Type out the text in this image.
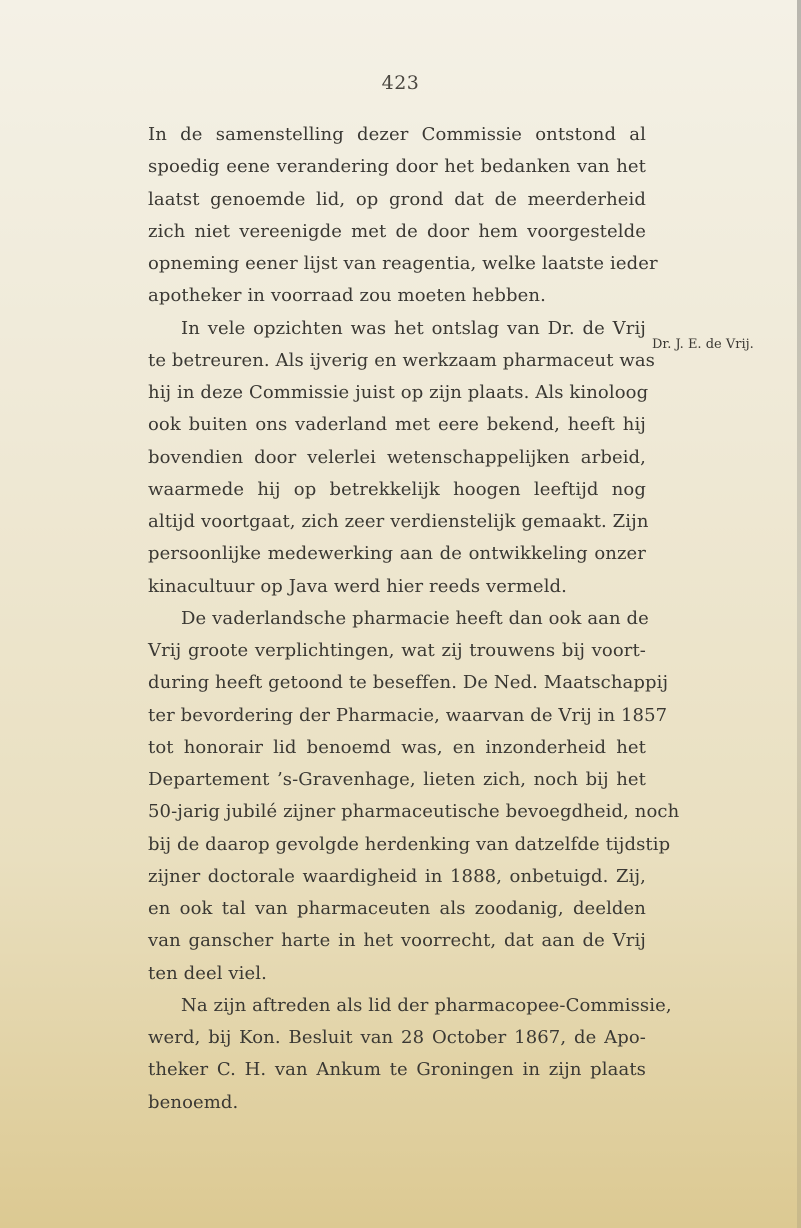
423
In de samenstelling dezer Commissie ontstond al
spoedig eene verandering door het bedanken van het
laatst genoemde lid, op grond dat de meerderheid
zich niet vereenigde met de door hem voorgestelde
opneming eener lijst van reagentia, welke laatste ieder
apotheker in voorraad zou moeten hebben.
In vele opzichten was het ontslag van Dr. de Vrij
te betreuren. Als ijverig en werkzaam pharmaceut was
hij in deze Commissie juist op zijn plaats. Als kinoloog
ook buiten ons vaderland met eere bekend, heeft hij
bovendien door velerlei wetenschappelijken arbeid,
waarmede hij op betrekkelijk hoogen leeftijd nog
altijd voortgaat, zich zeer verdienstelijk gemaakt. Zijn
persoonlijke medewerking aan de ontwikkeling onzer
kinacultuur op Java werd hier reeds vermeld.
De vaderlandsche pharmacie heeft dan ook aan de
Vrij groote verplichtingen, wat zij trouwens bij voort-
during heeft getoond te beseffen. De Ned. Maatschappij
ter bevordering der Pharmacie, waarvan de Vrij in 1857
tot honorair lid benoemd was, en inzonderheid het
Departement ’s-Gravenhage, lieten zich, noch bij het
50-jarig jubilé zijner pharmaceutische bevoegdheid, noch
bij de daarop gevolgde herdenking van datzelfde tijdstip
zijner doctorale waardigheid in 1888, onbetuigd. Zij,
en ook tal van pharmaceuten als zoodanig, deelden
van ganscher harte in het voorrecht, dat aan de Vrij
ten deel viel.
Na zijn aftreden als lid der pharmacopee-Commissie,
werd, bij Kon. Besluit van 28 October 1867, de Apo-
theker C. H. van Ankum te Groningen in zijn plaats
benoemd.
Dr. J. E. de Vrij.
